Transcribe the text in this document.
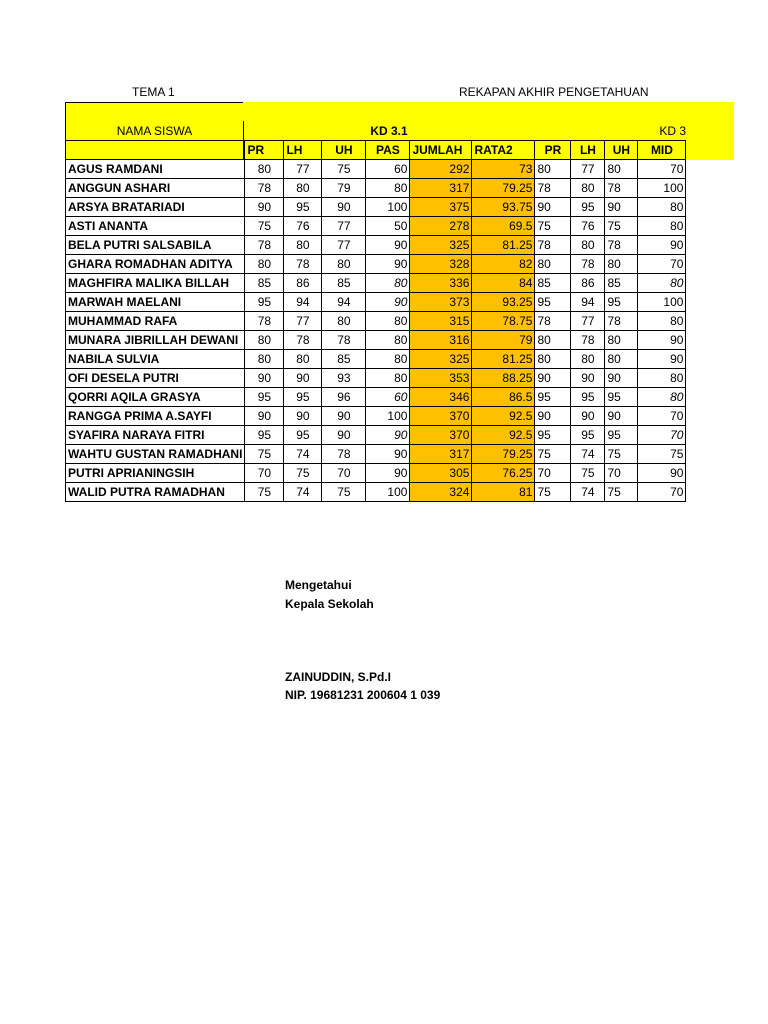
TEMA 1	REKAPAN AKHIR PENGETAHUAN
NAMA SISWA	KD 3.1	KD 3
	PR	LH	UH	PAS	JUMLAH	RATA2	PR	LH	UH	MID
AGUS RAMDANI	80	77	75	60	292	73	80	77	80	70
ANGGUN ASHARI	78	80	79	80	317	79.25	78	80	78	100
ARSYA BRATARIADI	90	95	90	100	375	93.75	90	95	90	80
ASTI ANANTA	75	76	77	50	278	69.5	75	76	75	80
BELA PUTRI SALSABILA	78	80	77	90	325	81.25	78	80	78	90
GHARA ROMADHAN ADITYA	80	78	80	90	328	82	80	78	80	70
MAGHFIRA MALIKA BILLAH	85	86	85	80	336	84	85	86	85	80
MARWAH MAELANI	95	94	94	90	373	93.25	95	94	95	100
MUHAMMAD RAFA	78	77	80	80	315	78.75	78	77	78	80
MUNARA JIBRILLAH DEWANI	80	78	78	80	316	79	80	78	80	90
NABILA SULVIA	80	80	85	80	325	81.25	80	80	80	90
OFI DESELA PUTRI	90	90	93	80	353	88.25	90	90	90	80
QORRI AQILA GRASYA	95	95	96	60	346	86.5	95	95	95	80
RANGGA PRIMA A.SAYFI	90	90	90	100	370	92.5	90	90	90	70
SYAFIRA NARAYA FITRI	95	95	90	90	370	92.5	95	95	95	70
WAHTU GUSTAN RAMADHANI	75	74	78	90	317	79.25	75	74	75	75
PUTRI APRIANINGSIH	70	75	70	90	305	76.25	70	75	70	90
WALID PUTRA RAMADHAN	75	74	75	100	324	81	75	74	75	70
Mengetahui
Kepala Sekolah
ZAINUDDIN, S.Pd.I
NIP. 19681231 200604 1 039
